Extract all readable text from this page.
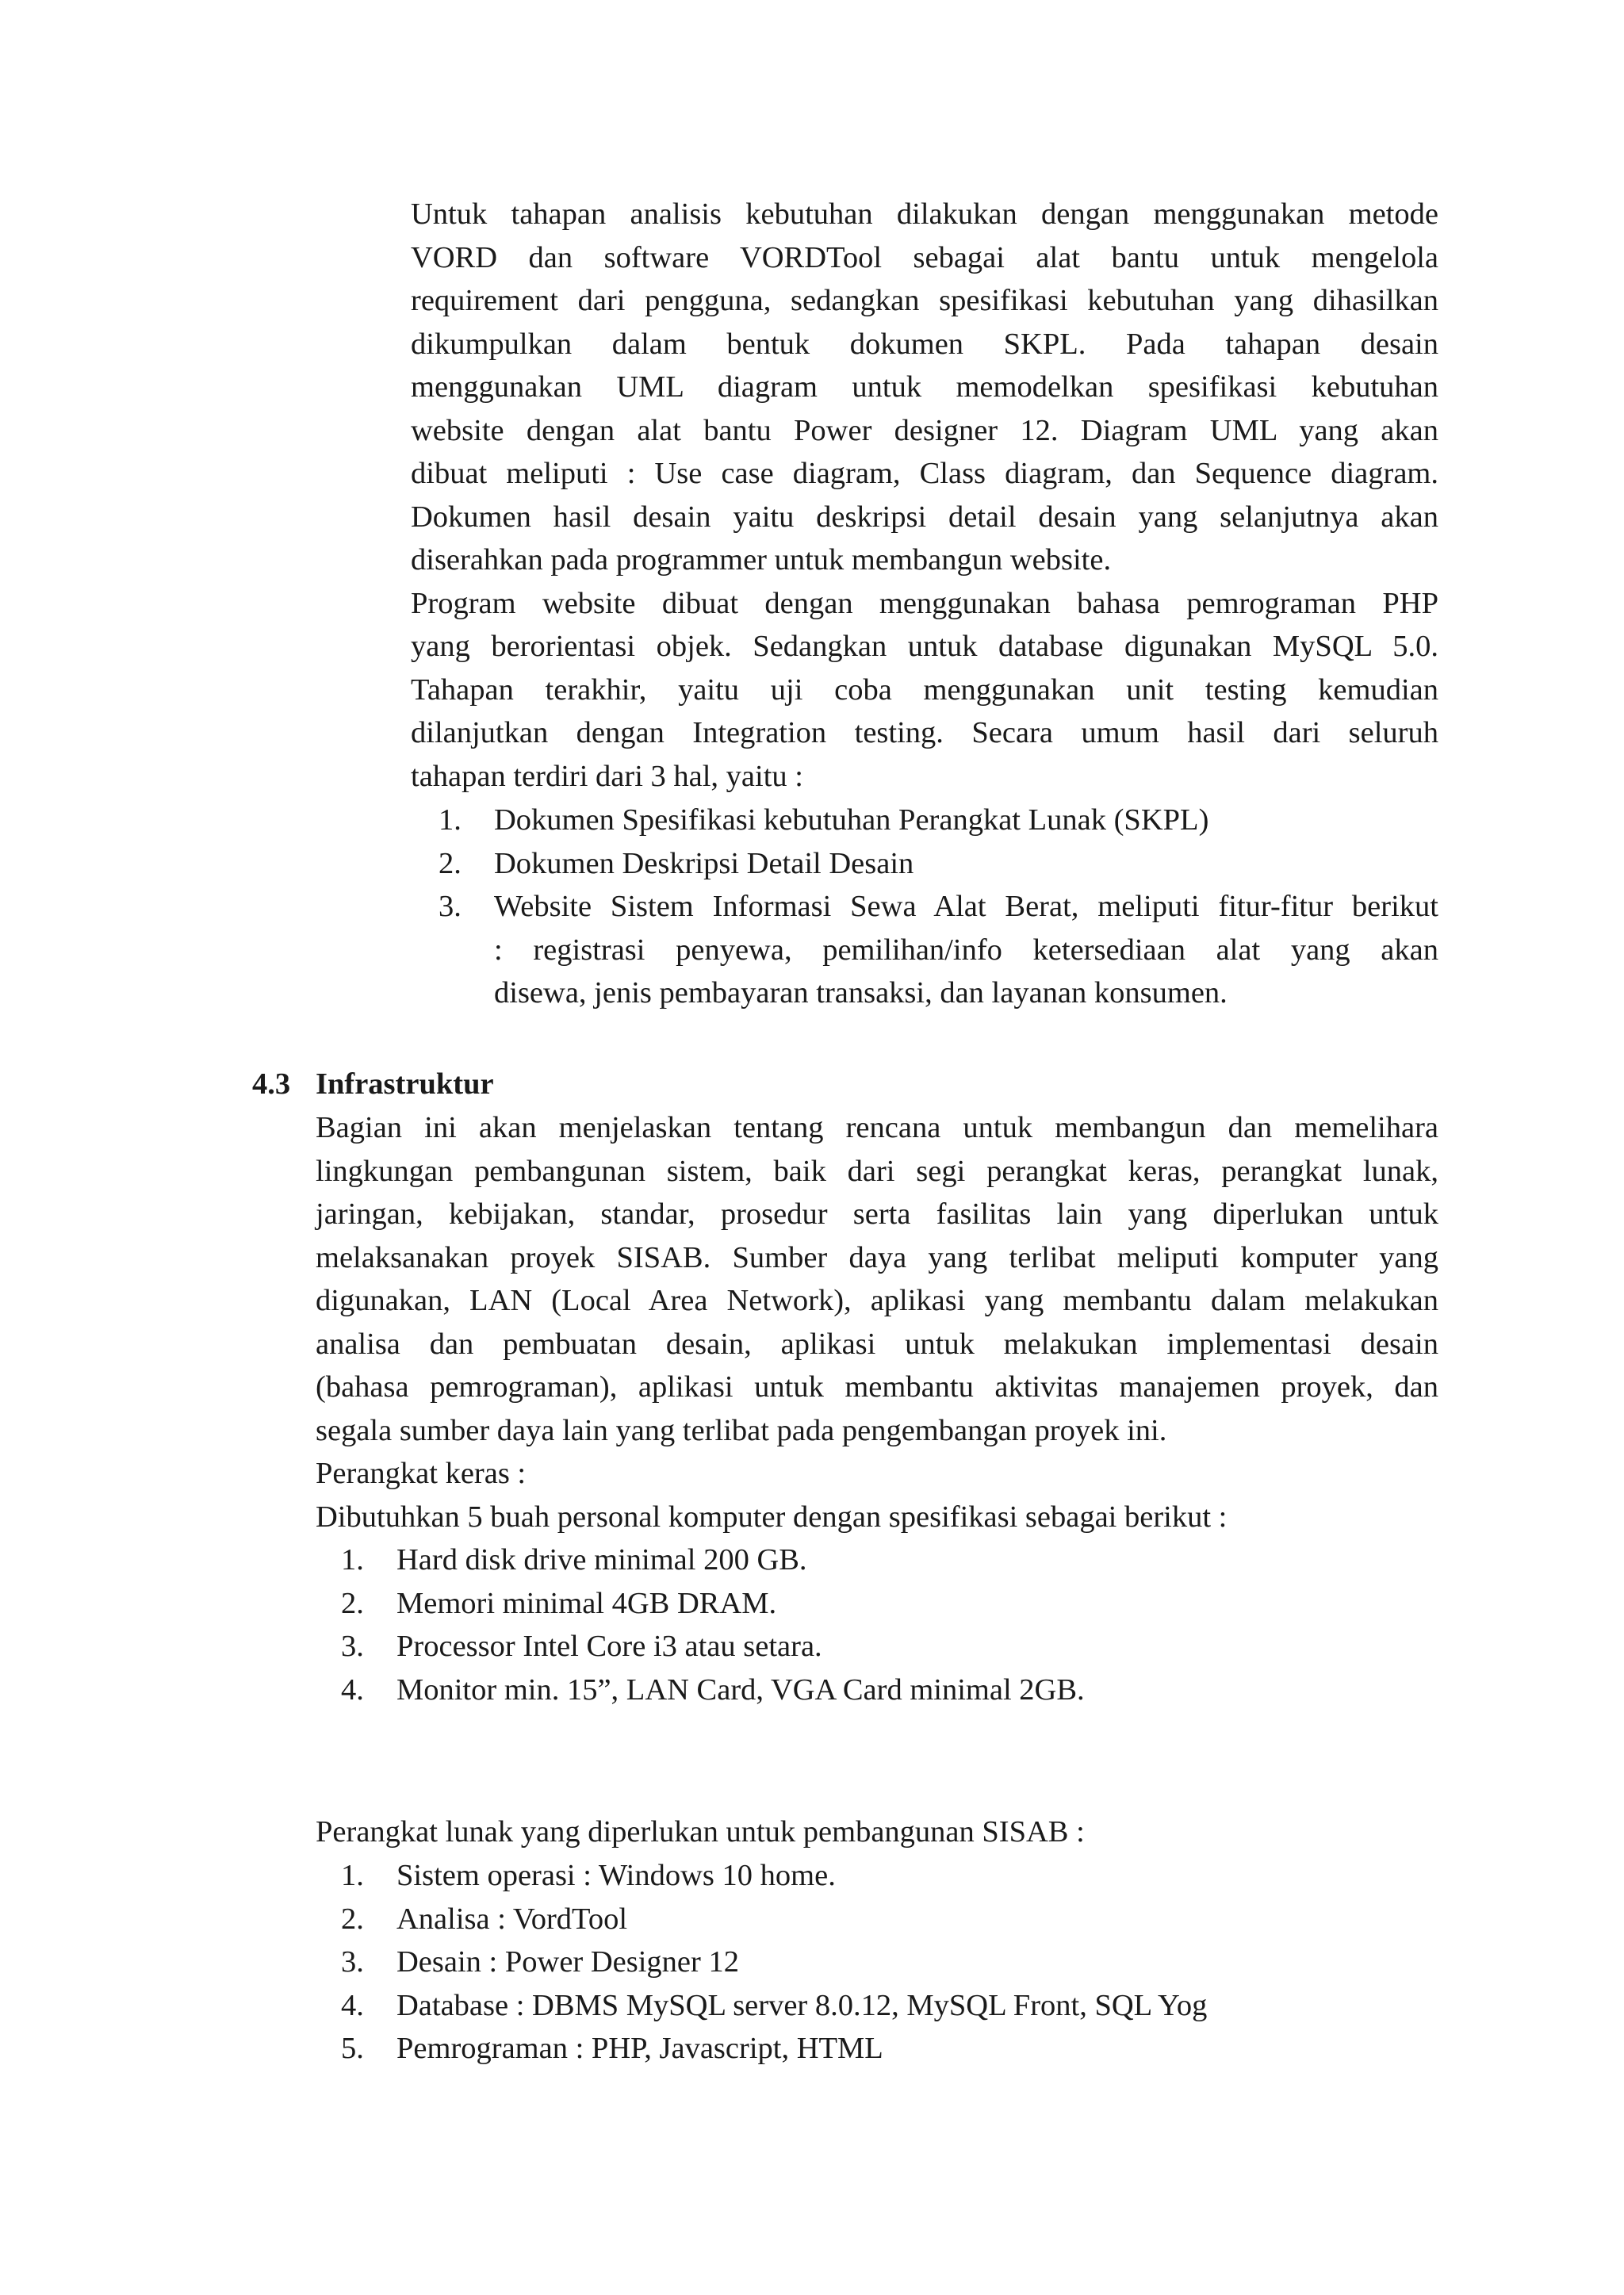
Untuk tahapan analisis kebutuhan dilakukan dengan menggunakan metode

VORD dan software VORDTool sebagai alat bantu untuk mengelola

requirement dari pengguna, sedangkan spesifikasi kebutuhan yang dihasilkan

dikumpulkan dalam bentuk dokumen SKPL. Pada tahapan desain

menggunakan UML diagram untuk memodelkan spesifikasi kebutuhan

website dengan alat bantu Power designer 12. Diagram UML yang akan

dibuat meliputi : Use case diagram, Class diagram, dan Sequence diagram.

Dokumen hasil desain yaitu deskripsi detail desain yang selanjutnya akan

diserahkan pada programmer untuk membangun website.

Program website dibuat dengan menggunakan bahasa pemrograman PHP

yang berorientasi objek. Sedangkan untuk database digunakan MySQL 5.0.

Tahapan terakhir, yaitu uji coba menggunakan unit testing kemudian

dilanjutkan dengan Integration testing. Secara umum hasil dari seluruh

tahapan terdiri dari 3 hal, yaitu :

1.	Dokumen Spesifikasi kebutuhan Perangkat Lunak (SKPL)
2.	Dokumen Deskripsi Detail Desain
3.	Website Sistem Informasi Sewa Alat Berat, meliputi fitur-fitur berikut

: registrasi penyewa, pemilihan/info ketersediaan alat yang akan

disewa, jenis pembayaran transaksi, dan layanan konsumen.

4.3 Infrastruktur

Bagian ini akan menjelaskan tentang rencana untuk membangun dan memelihara

lingkungan pembangunan sistem, baik dari segi perangkat keras, perangkat lunak,

jaringan, kebijakan, standar, prosedur serta fasilitas lain yang diperlukan untuk

melaksanakan proyek SISAB. Sumber daya yang terlibat meliputi komputer yang

digunakan, LAN (Local Area Network), aplikasi yang membantu dalam melakukan

analisa dan pembuatan desain, aplikasi untuk melakukan implementasi desain

(bahasa pemrograman), aplikasi untuk membantu aktivitas manajemen proyek, dan

segala sumber daya lain yang terlibat pada pengembangan proyek ini.

Perangkat keras :

Dibutuhkan 5 buah personal komputer dengan spesifikasi sebagai berikut :

1.	Hard disk drive minimal 200 GB.
2.	Memori minimal 4GB DRAM.
3.	Processor Intel Core i3 atau setara.
4.	Monitor min. 15”, LAN Card, VGA Card minimal 2GB.

Perangkat lunak yang diperlukan untuk pembangunan SISAB :

1.	Sistem operasi : Windows 10 home.
2.	Analisa : VordTool
3.	Desain : Power Designer 12
4.	Database : DBMS MySQL server 8.0.12, MySQL Front, SQL Yog
5.	Pemrograman : PHP, Javascript, HTML
